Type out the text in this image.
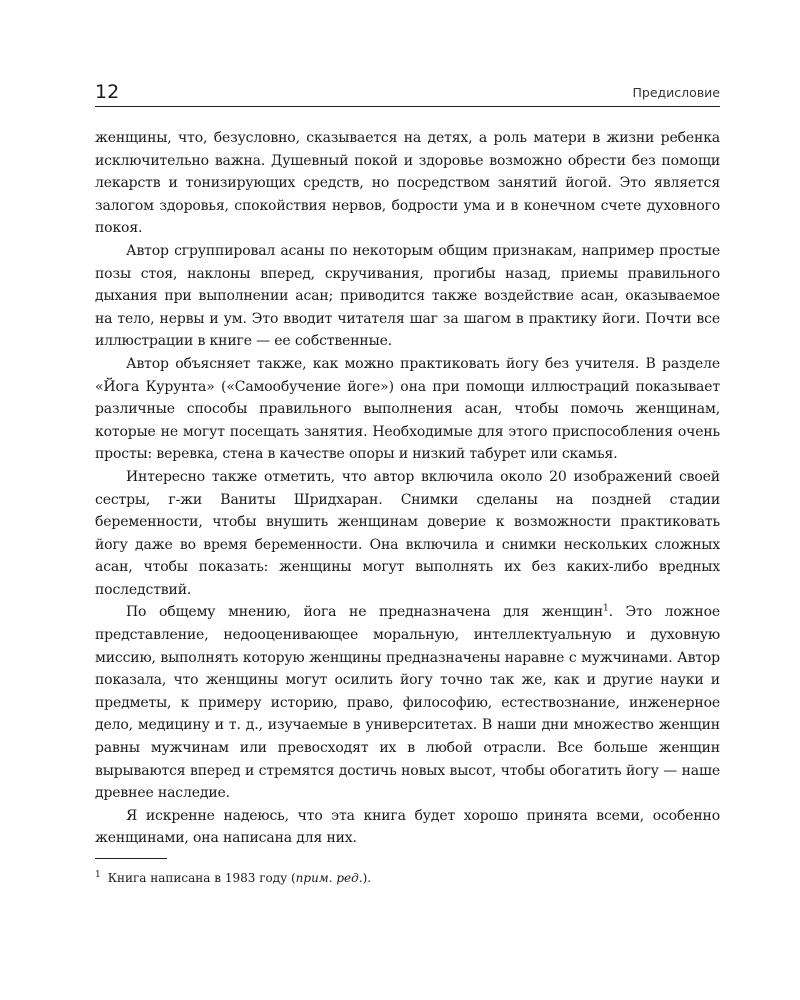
12	Предисловие

женщины, что, безусловно, сказывается на детях, а роль матери в жизни ребенка исключительно важна. Душевный покой и здоровье возможно обрести без помощи лекарств и тонизирующих средств, но посредством занятий йогой. Это является залогом здоровья, спокойствия нервов, бодрости ума и в конечном счете духовного покоя.

Автор сгруппировал асаны по некоторым общим признакам, например простые позы стоя, наклоны вперед, скручивания, прогибы назад, приемы правильного дыхания при выполнении асан; приводится также воздействие асан, оказываемое на тело, нервы и ум. Это вводит читателя шаг за шагом в практику йоги. Почти все иллюстрации в книге — ее собственные.

Автор объясняет также, как можно практиковать йогу без учителя. В разделе «Йога Курунта» («Самообучение йоге») она при помощи иллюстраций показывает различные способы правильного выполнения асан, чтобы помочь женщинам, которые не могут посещать занятия. Необходимые для этого приспособления очень просты: веревка, стена в качестве опоры и низкий табурет или скамья.

Интересно также отметить, что автор включила около 20 изображений своей сестры, г-жи Ваниты Шридхаран. Снимки сделаны на поздней стадии беременности, чтобы внушить женщинам доверие к возможности практиковать йогу даже во время беременности. Она включила и снимки нескольких сложных асан, чтобы показать: женщины могут выполнять их без каких-либо вредных последствий.

По общему мнению, йога не предназначена для женщин$^1$. Это ложное представление, недооценивающее моральную, интеллектуальную и духовную миссию, выполнять которую женщины предназначены наравне с мужчинами. Автор показала, что женщины могут осилить йогу точно так же, как и другие науки и предметы, к примеру историю, право, философию, естествознание, инженерное дело, медицину и т. д., изучаемые в университетах. В наши дни множество женщин равны мужчинам или превосходят их в любой отрасли. Все больше женщин вырываются вперед и стремятся достичь новых высот, чтобы обогатить йогу — наше древнее наследие.

Я искренне надеюсь, что эта книга будет хорошо принята всеми, особенно женщинами, она написана для них.

$^1$ Книга написана в 1983 году (прим. ред.).
